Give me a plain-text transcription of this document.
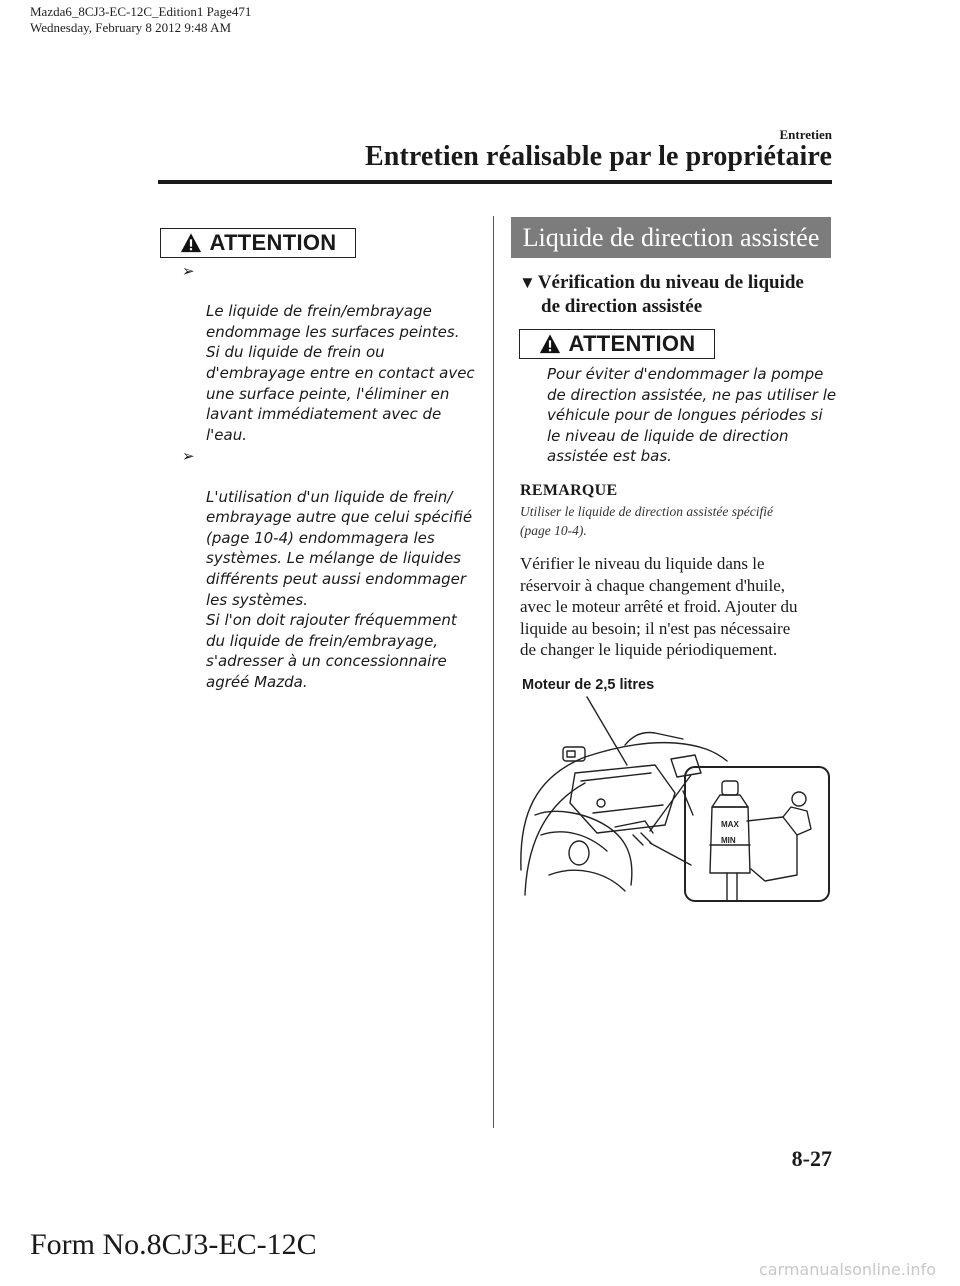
Mazda6_8CJ3-EC-12C_Edition1 Page471
Wednesday, February 8 2012 9:48 AM
Entretien
Entretien réalisable par le propriétaire
ATTENTION

➢

Le liquide de frein/embrayage
endommage les surfaces peintes.
Si du liquide de frein ou
d'embrayage entre en contact avec
une surface peinte, l'éliminer en
lavant immédiatement avec de
l'eau.

➢

L'utilisation d'un liquide de frein/
embrayage autre que celui spécifié
(page 10-4) endommagera les
systèmes. Le mélange de liquides
différents peut aussi endommager
les systèmes.
Si l'on doit rajouter fréquemment
du liquide de frein/embrayage,
s'adresser à un concessionnaire
agréé Mazda.

Liquide de direction assistée
▼ Vérification du niveau de liquide
de direction assistée
ATTENTION
Pour éviter d'endommager la pompe
de direction assistée, ne pas utiliser le
véhicule pour de longues périodes si
le niveau de liquide de direction
assistée est bas.
REMARQUE
Utiliser le liquide de direction assistée spécifié
(page 10-4).
Vérifier le niveau du liquide dans le
réservoir à chaque changement d'huile,
avec le moteur arrêté et froid. Ajouter du
liquide au besoin; il n'est pas nécessaire
de changer le liquide périodiquement.
Moteur de 2,5 litres
MAX
MIN
8-27
Form No.8CJ3-EC-12C
carmanualsonline.info
